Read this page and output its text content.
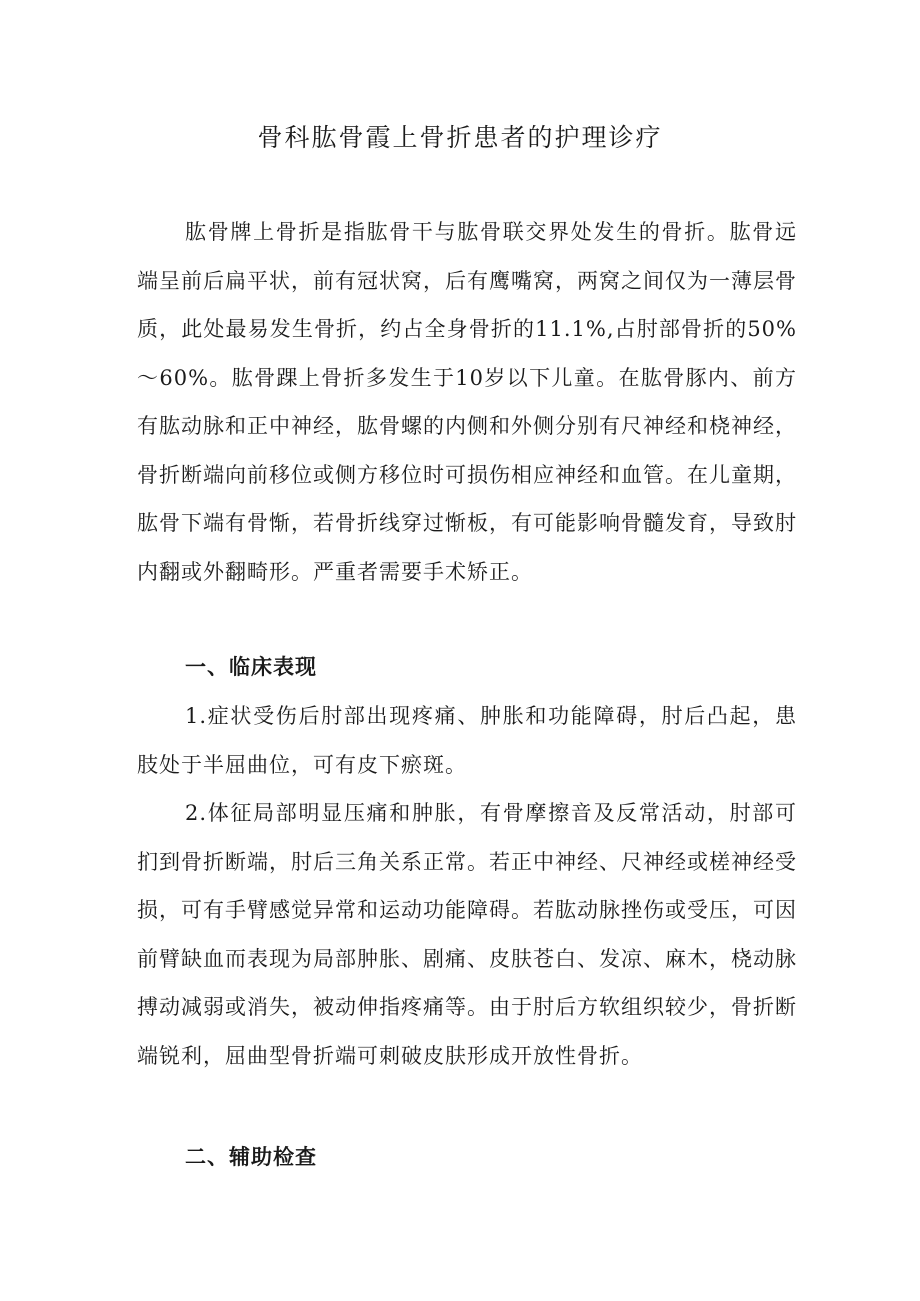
骨科肱骨霞上骨折患者的护理诊疗

肱骨牌上骨折是指肱骨干与肱骨联交界处发生的骨折。肱骨远端呈前后扁平状，前有冠状窝，后有鹰嘴窝，两窝之间仅为一薄层骨质，此处最易发生骨折，约占全身骨折的11.1%,占肘部骨折的50%～60%。肱骨踝上骨折多发生于10岁以下儿童。在肱骨豚内、前方有肱动脉和正中神经，肱骨螺的内侧和外侧分别有尺神经和桡神经，骨折断端向前移位或侧方移位时可损伤相应神经和血管。在儿童期，肱骨下端有骨惭，若骨折线穿过惭板，有可能影响骨髓发育，导致肘内翻或外翻畸形。严重者需要手术矫正。

一、临床表现

1.症状受伤后肘部出现疼痛、肿胀和功能障碍，肘后凸起，患肢处于半屈曲位，可有皮下瘀斑。

2.体征局部明显压痛和肿胀，有骨摩擦音及反常活动，肘部可扪到骨折断端，肘后三角关系正常。若正中神经、尺神经或槎神经受损，可有手臂感觉异常和运动功能障碍。若肱动脉挫伤或受压，可因前臂缺血而表现为局部肿胀、剧痛、皮肤苍白、发凉、麻木，桡动脉搏动减弱或消失，被动伸指疼痛等。由于肘后方软组织较少，骨折断端锐利，屈曲型骨折端可刺破皮肤形成开放性骨折。

二、辅助检查
